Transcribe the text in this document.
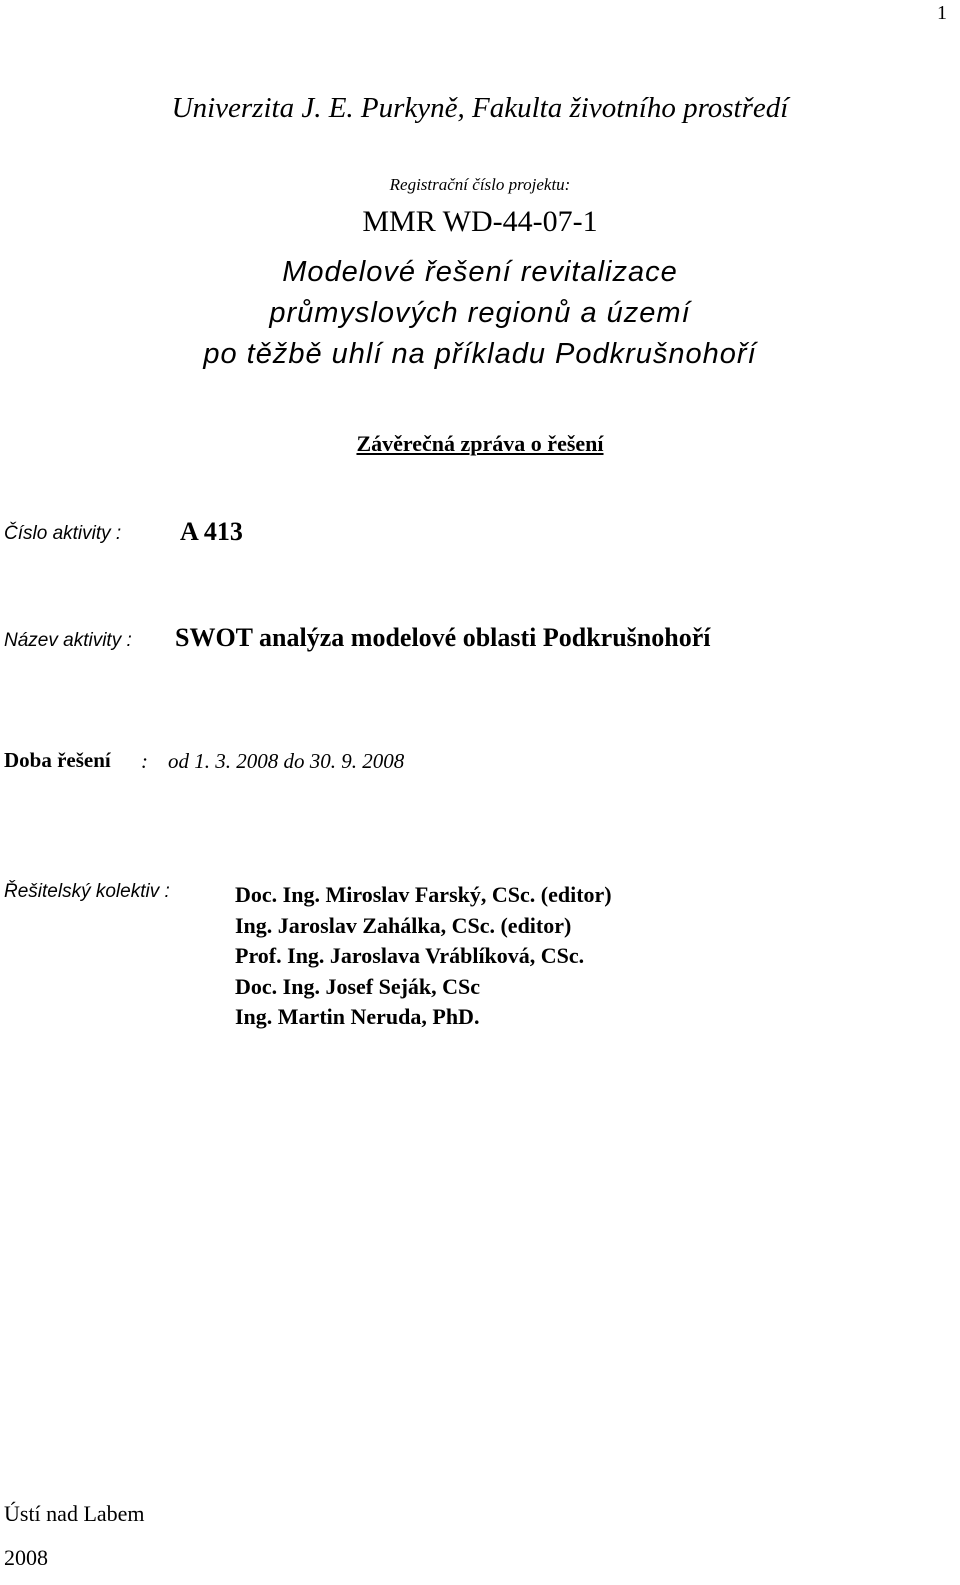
1
Univerzita J. E. Purkyně, Fakulta životního prostředí
Registrační číslo projektu:
MMR WD-44-07-1
Modelové řešení revitalizace
průmyslových regionů a území
po těžbě uhlí na příkladu Podkrušnohoří
Závěrečná zpráva o řešení
Číslo aktivity : A 413
Název aktivity : SWOT analýza modelové oblasti Podkrušnohoří
Doba řešení : od 1. 3. 2008 do 30. 9. 2008
Řešitelský kolektiv :	Doc. Ing. Miroslav Farský, CSc. (editor)
Ing. Jaroslav Zahálka, CSc. (editor)
Prof. Ing. Jaroslava Vráblíková, CSc.
Doc. Ing. Josef Seják, CSc
Ing. Martin Neruda, PhD.
Ústí nad Labem
2008
